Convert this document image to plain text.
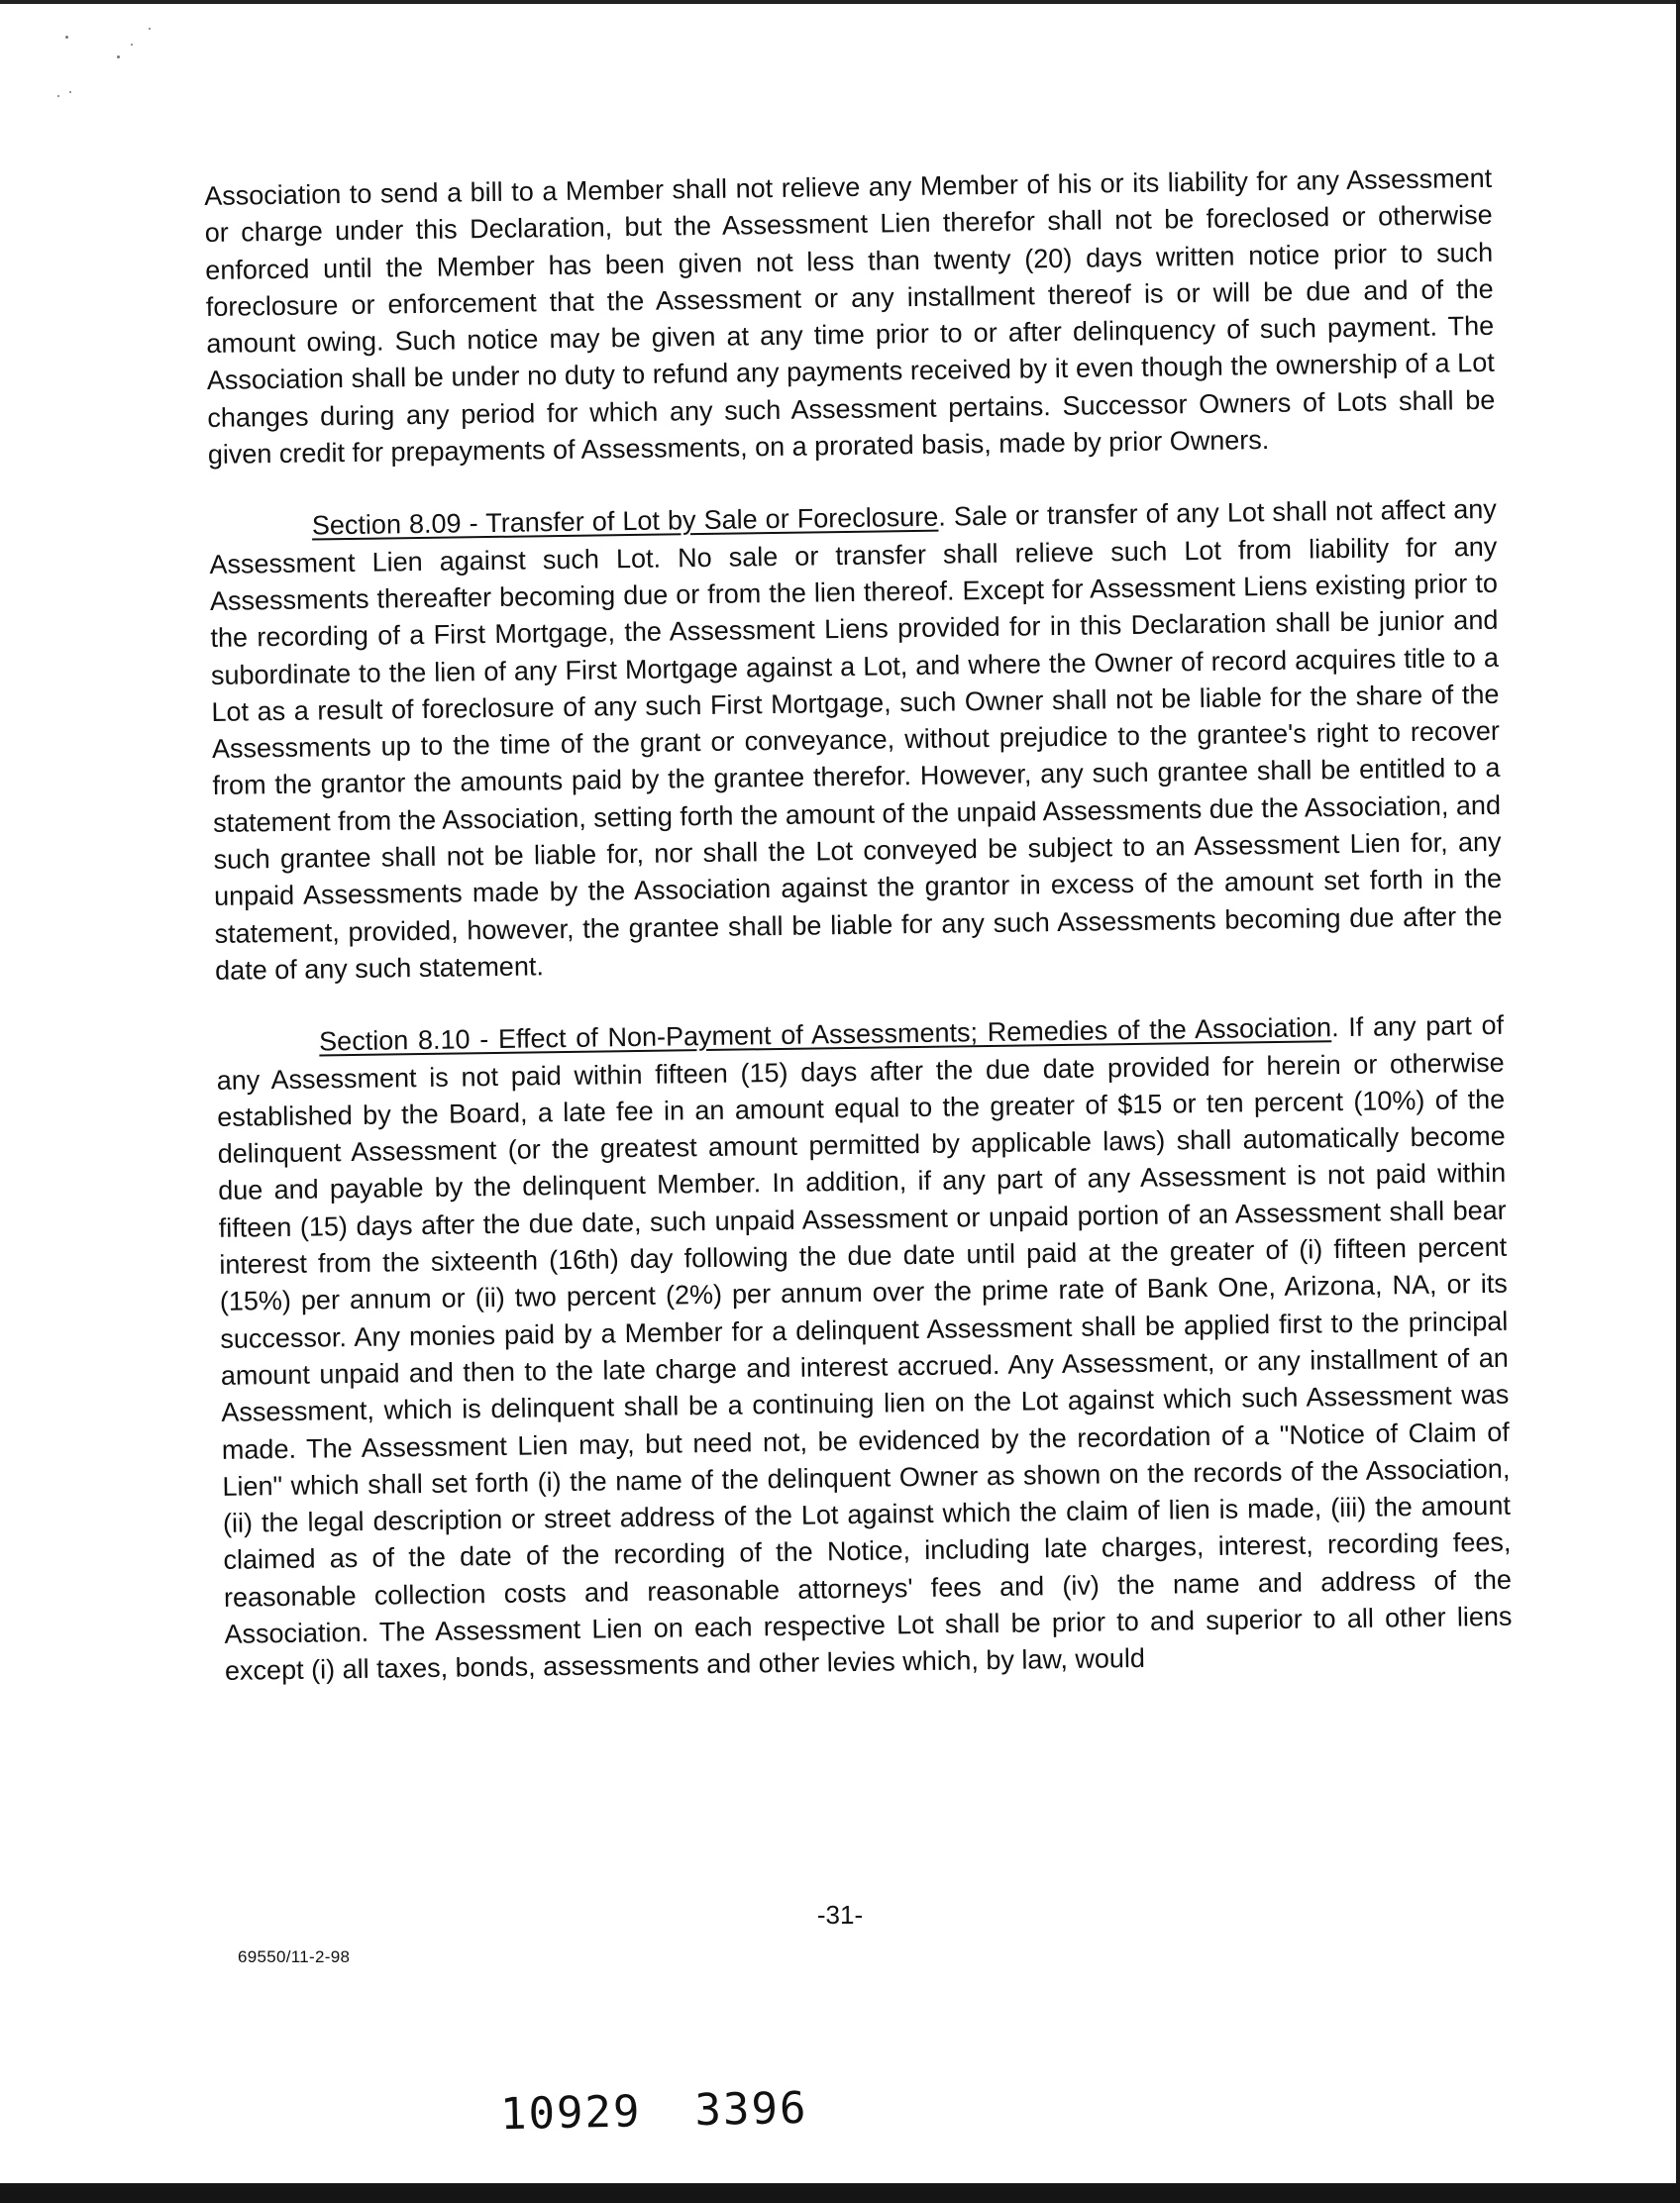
Association to send a bill to a Member shall not relieve any Member of his or its liability for any Assessment or charge under this Declaration, but the Assessment Lien therefor shall not be foreclosed or otherwise enforced until the Member has been given not less than twenty (20) days written notice prior to such foreclosure or enforcement that the Assessment or any installment thereof is or will be due and of the amount owing. Such notice may be given at any time prior to or after delinquency of such payment. The Association shall be under no duty to refund any payments received by it even though the ownership of a Lot changes during any period for which any such Assessment pertains. Successor Owners of Lots shall be given credit for prepayments of Assessments, on a prorated basis, made by prior Owners.

Section 8.09 - Transfer of Lot by Sale or Foreclosure. Sale or transfer of any Lot shall not affect any Assessment Lien against such Lot. No sale or transfer shall relieve such Lot from liability for any Assessments thereafter becoming due or from the lien thereof. Except for Assessment Liens existing prior to the recording of a First Mortgage, the Assessment Liens provided for in this Declaration shall be junior and subordinate to the lien of any First Mortgage against a Lot, and where the Owner of record acquires title to a Lot as a result of foreclosure of any such First Mortgage, such Owner shall not be liable for the share of the Assessments up to the time of the grant or conveyance, without prejudice to the grantee's right to recover from the grantor the amounts paid by the grantee therefor. However, any such grantee shall be entitled to a statement from the Association, setting forth the amount of the unpaid Assessments due the Association, and such grantee shall not be liable for, nor shall the Lot conveyed be subject to an Assessment Lien for, any unpaid Assessments made by the Association against the grantor in excess of the amount set forth in the statement, provided, however, the grantee shall be liable for any such Assessments becoming due after the date of any such statement.

Section 8.10 - Effect of Non-Payment of Assessments; Remedies of the Association. If any part of any Assessment is not paid within fifteen (15) days after the due date provided for herein or otherwise established by the Board, a late fee in an amount equal to the greater of $15 or ten percent (10%) of the delinquent Assessment (or the greatest amount permitted by applicable laws) shall automatically become due and payable by the delinquent Member. In addition, if any part of any Assessment is not paid within fifteen (15) days after the due date, such unpaid Assessment or unpaid portion of an Assessment shall bear interest from the sixteenth (16th) day following the due date until paid at the greater of (i) fifteen percent (15%) per annum or (ii) two percent (2%) per annum over the prime rate of Bank One, Arizona, NA, or its successor. Any monies paid by a Member for a delinquent Assessment shall be applied first to the principal amount unpaid and then to the late charge and interest accrued. Any Assessment, or any installment of an Assessment, which is delinquent shall be a continuing lien on the Lot against which such Assessment was made. The Assessment Lien may, but need not, be evidenced by the recordation of a "Notice of Claim of Lien" which shall set forth (i) the name of the delinquent Owner as shown on the records of the Association, (ii) the legal description or street address of the Lot against which the claim of lien is made, (iii) the amount claimed as of the date of the recording of the Notice, including late charges, interest, recording fees, reasonable collection costs and reasonable attorneys' fees and (iv) the name and address of the Association. The Assessment Lien on each respective Lot shall be prior to and superior to all other liens except (i) all taxes, bonds, assessments and other levies which, by law, would

-31-
69550/11-2-98
10929 3396
